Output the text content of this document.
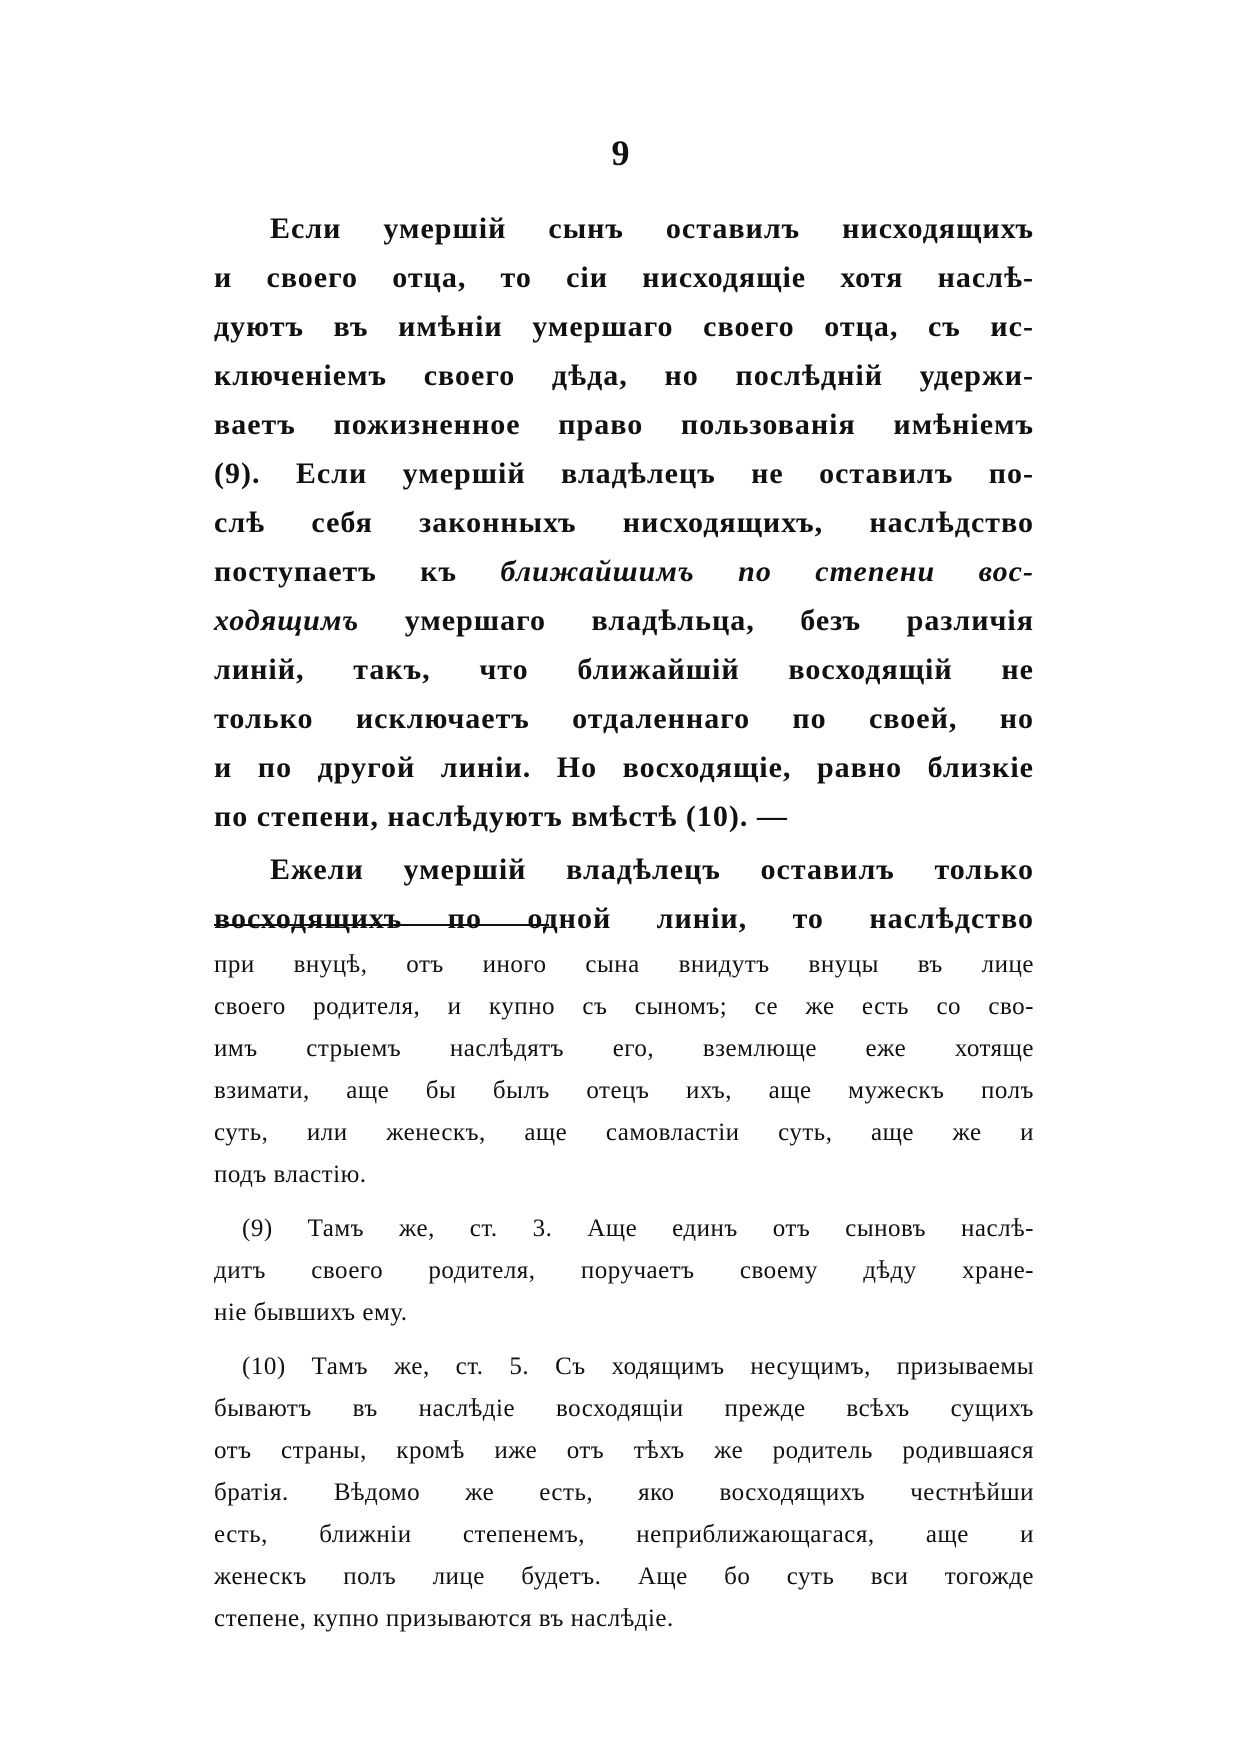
9
Если умершій сынъ оставилъ нисходящихъ
и своего отца, то сіи нисходящіе хотя наслѣ-
дуютъ въ имѣніи умершаго своего отца, съ ис-
ключеніемъ своего дѣда, но послѣдній удержи-
ваетъ пожизненное право пользованія имѣніемъ
(9). Если умершій владѣлецъ не оставилъ по-
слѣ себя законныхъ нисходящихъ, наслѣдство
поступаетъ къ ближайшимъ по степени вос-
ходящимъ умершаго владѣльца, безъ различія
линій, такъ, что ближайшій восходящій не
только исключаетъ отдаленнаго по своей, но
и по другой линіи. Но восходящіе, равно близкіе
по степени, наслѣдуютъ вмѣстѣ (10). —
Ежели умершій владѣлецъ оставилъ только
восходящихъ по одной линіи, то наслѣдство
при внуцѣ, отъ иного сына внидутъ внуцы въ лице
своего родителя, и купно съ сыномъ; се же есть со сво-
имъ стрыемъ наслѣдятъ его, вземлюще еже хотяще
взимати, аще бы былъ отецъ ихъ, аще мужескъ полъ
суть, или женескъ, аще самовластіи суть, аще же и
подъ властію.
(9) Тамъ же, ст. 3. Аще единъ отъ сыновъ наслѣ-
дитъ своего родителя, поручаетъ своему дѣду хране-
ніе бывшихъ ему.
(10) Тамъ же, ст. 5. Съ ходящимъ несущимъ, призываемы
бываютъ въ наслѣдіе восходящіи прежде всѣхъ сущихъ
отъ страны, кромѣ иже отъ тѣхъ же родитель родившаяся
братія. Вѣдомо же есть, яко восходящихъ честнѣйши
есть, ближніи степенемъ, неприближающагася, аще и
женескъ полъ лице будетъ. Аще бо суть вси тогожде
степене, купно призываются въ наслѣдіе.
